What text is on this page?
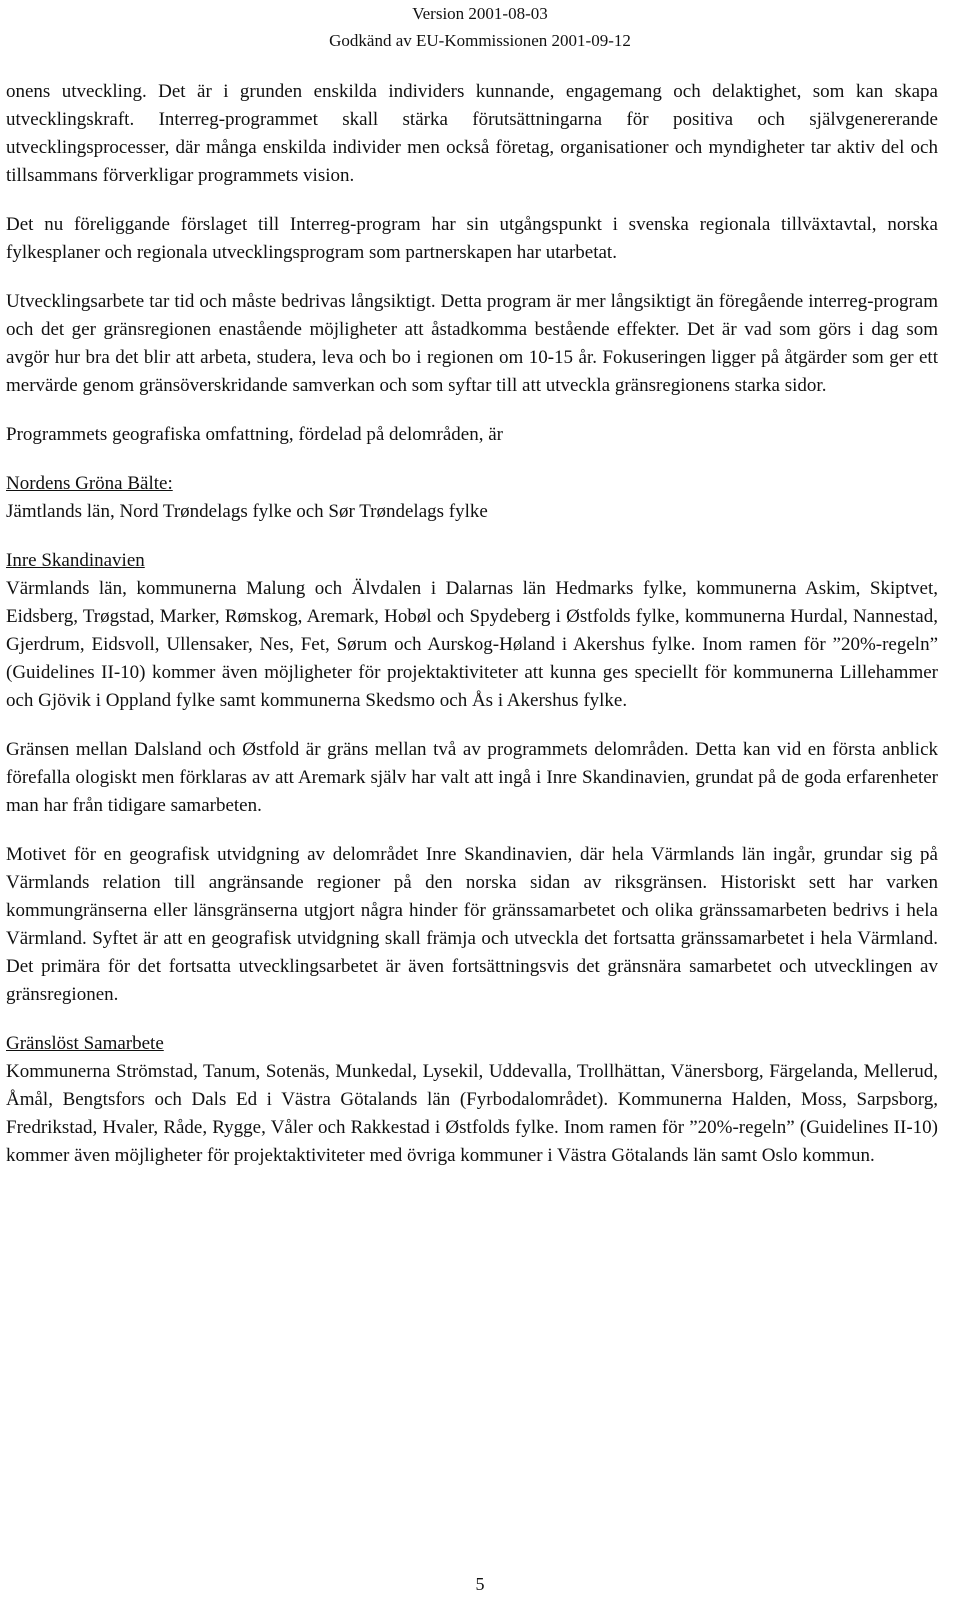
Version 2001-08-03
Godkänd av EU-Kommissionen 2001-09-12

onens utveckling. Det är i grunden enskilda individers kunnande, engagemang och delaktighet, som kan skapa utvecklingskraft. Interreg-programmet skall stärka förutsättningarna för positiva och självgenererande utvecklingsprocesser, där många enskilda individer men också företag, organisationer och myndigheter tar aktiv del och tillsammans förverkligar programmets vision.

Det nu föreliggande förslaget till Interreg-program har sin utgångspunkt i svenska regionala tillväxtavtal, norska fylkesplaner och regionala utvecklingsprogram som partnerskapen har utarbetat.

Utvecklingsarbete tar tid och måste bedrivas långsiktigt. Detta program är mer långsiktigt än föregående interreg-program och det ger gränsregionen enastående möjligheter att åstadkomma bestående effekter. Det är vad som görs i dag som avgör hur bra det blir att arbeta, studera, leva och bo i regionen om 10-15 år. Fokuseringen ligger på åtgärder som ger ett mervärde genom gränsöverskridande samverkan och som syftar till att utveckla gränsregionens starka sidor.

Programmets geografiska omfattning, fördelad på delområden, är

Nordens Gröna Bälte:
Jämtlands län, Nord Trøndelags fylke och Sør Trøndelags fylke
Inre Skandinavien
Värmlands län, kommunerna Malung och Älvdalen i Dalarnas län Hedmarks fylke, kommunerna Askim, Skiptvet, Eidsberg, Trøgstad, Marker, Rømskog, Aremark, Hobøl och Spydeberg i Østfolds fylke, kommunerna Hurdal, Nannestad, Gjerdrum, Eidsvoll, Ullensaker, Nes, Fet, Sørum och Aurskog-Høland i Akershus fylke. Inom ramen för ”20%-regeln” (Guidelines II-10) kommer även möjligheter för projektaktiviteter att kunna ges speciellt för kommunerna Lillehammer och Gjövik i Oppland fylke samt kommunerna Skedsmo och Ås i Akershus fylke.

Gränsen mellan Dalsland och Østfold är gräns mellan två av programmets delområden. Detta kan vid en första anblick förefalla ologiskt men förklaras av att Aremark själv har valt att ingå i Inre Skandinavien, grundat på de goda erfarenheter man har från tidigare samarbeten.

Motivet för en geografisk utvidgning av delområdet Inre Skandinavien, där hela Värmlands län ingår, grundar sig på Värmlands relation till angränsande regioner på den norska sidan av riksgränsen. Historiskt sett har varken kommungränserna eller länsgränserna utgjort några hinder för gränssamarbetet och olika gränssamarbeten bedrivs i hela Värmland. Syftet är att en geografisk utvidgning skall främja och utveckla det fortsatta gränssamarbetet i hela Värmland. Det primära för det fortsatta utvecklingsarbetet är även fortsättningsvis det gränsnära samarbetet och utvecklingen av gränsregionen.

Gränslöst Samarbete
Kommunerna Strömstad, Tanum, Sotenäs, Munkedal, Lysekil, Uddevalla, Trollhättan, Vänersborg, Färgelanda, Mellerud, Åmål, Bengtsfors och Dals Ed i Västra Götalands län (Fyrbodalområdet). Kommunerna Halden, Moss, Sarpsborg, Fredrikstad, Hvaler, Råde, Rygge, Våler och Rakkestad i Østfolds fylke. Inom ramen för ”20%-regeln” (Guidelines II-10) kommer även möjligheter för projektaktiviteter med övriga kommuner i Västra Götalands län samt Oslo kommun.
5
